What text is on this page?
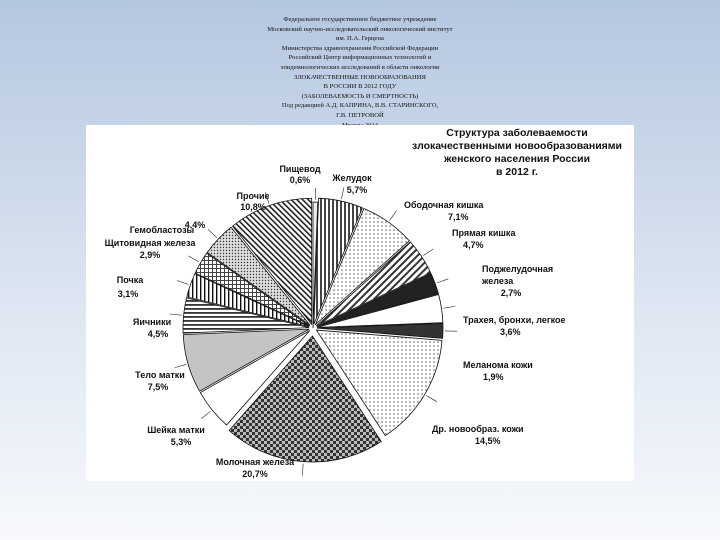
Федеральное государственное бюджетное учреждение
Московский научно-исследовательский онкологический институт
им. П.А. Герцена
Министерства здравоохранения Российской Федерации
Российский Центр информационных технологий и
эпидемиологических исследований в области онкологии
ЗЛОКАЧЕСТВЕННЫЕ НОВООБРАЗОВАНИЯ
В РОССИИ В 2012 ГОДУ
(ЗАБОЛЕВАЕМОСТЬ И СМЕРТНОСТЬ)
Под редакцией А.Д. КАПРИНА, В.В. СТАРИНСКОГО,
Г.В. ПЕТРОВОЙ
Структура заболеваемости
злокачественными новообразованиями
женского населения России
в 2012 г.
Пищевод
0,6% Желудок
5,7%
Ободочная кишка
7,1%
Прямая кишка
4,7%
Поджелудочная
железа
2,7%
Трахея, бронхи, легкое
3,6%
Меланома кожи
1,9%
Др. новообраз. кожи
14,5%
Молочная железа
20,7%
Шейка матки
5,3%
Тело матки
7,5%
Яичники
4,5%
Почка
3,1%
Щитовидная железа
2,9%
Гемобластозы
4,4%
Прочие
10,8%
